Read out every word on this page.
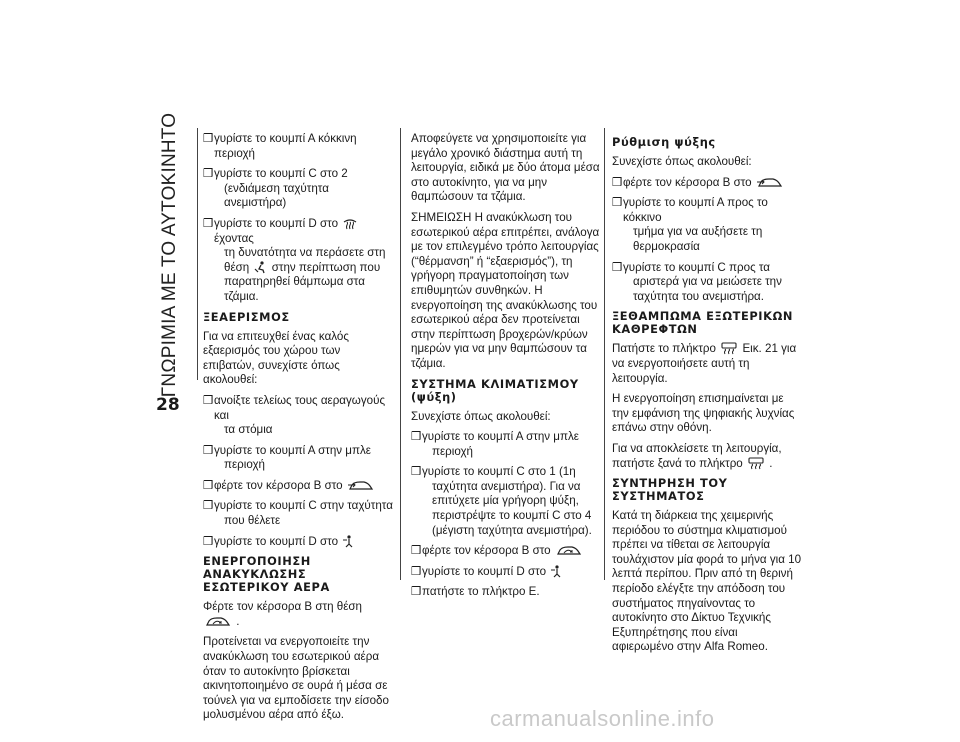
ΓΝΩΡΙΜΙΑ ΜΕ ΤΟ ΑΥΤΟΚΙΝΗΤΟ
28
❒ γυρίστε το κουμπί Α κόκκινη περιοχή
❒ γυρίστε το κουμπί C στο 2
(ενδιάμεση ταχύτητα ανεμιστήρα)
❒ γυρίστε το κουμπί D στο  έχοντας
τη δυνατότητα να περάσετε στη
θέση στην περίπτωση που
παρατηρηθεί θάμπωμα στα τζάμια.
ΞΕΑΕΡΙΣΜΟΣ

Για να επιτευχθεί ένας καλός εξαερισμός του χώρου των επιβατών, συνεχίστε όπως ακολουθεί:

❒ ανοίξτε τελείως τους αεραγωγούς και
τα στόμια
❒ γυρίστε το κουμπί Α στην μπλε
περιοχή
❒ φέρτε τον κέρσορα Β στο
❒ γυρίστε το κουμπί C στην ταχύτητα
που θέλετε
❒ γυρίστε το κουμπί D στο
ΕΝΕΡΓΟΠΟΙΗΣΗ ΑΝΑΚΥΚΛΩΣΗΣ ΕΣΩΤΕΡΙΚΟΥ ΑΕΡΑ

Φέρτε τον κέρσορα Β στη θέση  .

Προτείνεται να ενεργοποιείτε την ανακύκλωση του εσωτερικού αέρα όταν το αυτοκίνητο βρίσκεται ακινητοποιημένο σε ουρά ή μέσα σε τούνελ για να εμποδίσετε την είσοδο μολυσμένου αέρα από έξω.

Αποφεύγετε να χρησιμοποιείτε για μεγάλο χρονικό διάστημα αυτή τη λειτουργία, ειδικά με δύο άτομα μέσα στο αυτοκίνητο, για να μην θαμπώσουν τα τζάμια.

ΣΗΜΕΙΩΣΗ Η ανακύκλωση του εσωτερικού αέρα επιτρέπει, ανάλογα με τον επιλεγμένο τρόπο λειτουργίας (“θέρμανση” ή “εξαερισμός”), τη γρήγορη πραγματοποίηση των επιθυμητών συνθηκών. Η ενεργοποίηση της ανακύκλωσης του εσωτερικού αέρα δεν προτείνεται στην περίπτωση βροχερών/κρύων ημερών για να μην θαμπώσουν τα τζάμια.

ΣΥΣΤΗΜΑ ΚΛΙΜΑΤΙΣΜΟΥ (ψύξη)

Συνεχίστε όπως ακολουθεί:

❒ γυρίστε το κουμπί Α στην μπλε
περιοχή
❒ γυρίστε το κουμπί C στο 1 (1η
ταχύτητα ανεμιστήρα). Για να
επιτύχετε μία γρήγορη ψύξη,
περιστρέψτε το κουμπί C στο 4
(μέγιστη ταχύτητα ανεμιστήρα).
❒ φέρτε τον κέρσορα Β στο
❒ γυρίστε το κουμπί D στο
❒ πατήστε το πλήκτρο Ε.
Ρύθμιση ψύξης

Συνεχίστε όπως ακολουθεί:

❒ φέρτε τον κέρσορα Β στο
❒ γυρίστε το κουμπί Α προς το κόκκινο
τμήμα για να αυξήσετε τη
θερμοκρασία
❒ γυρίστε το κουμπί C προς τα
αριστερά για να μειώσετε την
ταχύτητα του ανεμιστήρα.
ΞΕΘΑΜΠΩΜΑ ΕΞΩΤΕΡΙΚΩΝ ΚΑΘΡΕΦΤΩΝ

Πατήστε το πλήκτρο Εικ. 21 για να ενεργοποιήσετε αυτή τη λειτουργία.

Η ενεργοποίηση επισημαίνεται με την εμφάνιση της ψηφιακής λυχνίας επάνω στην οθόνη.

Για να αποκλείσετε τη λειτουργία, πατήστε ξανά το πλήκτρο .

ΣΥΝΤΗΡΗΣΗ ΤΟΥ ΣΥΣΤΗΜΑΤΟΣ

Κατά τη διάρκεια της χειμερινής περιόδου το σύστημα κλιματισμού πρέπει να τίθεται σε λειτουργία τουλάχιστον μία φορά το μήνα για 10 λεπτά περίπου. Πριν από τη θερινή περίοδο ελέγξτε την απόδοση του συστήματος πηγαίνοντας το αυτοκίνητο στο Δίκτυο Τεχνικής Εξυπηρέτησης που είναι αφιερωμένο στην Alfa Romeo.

carmanualsonline.info
